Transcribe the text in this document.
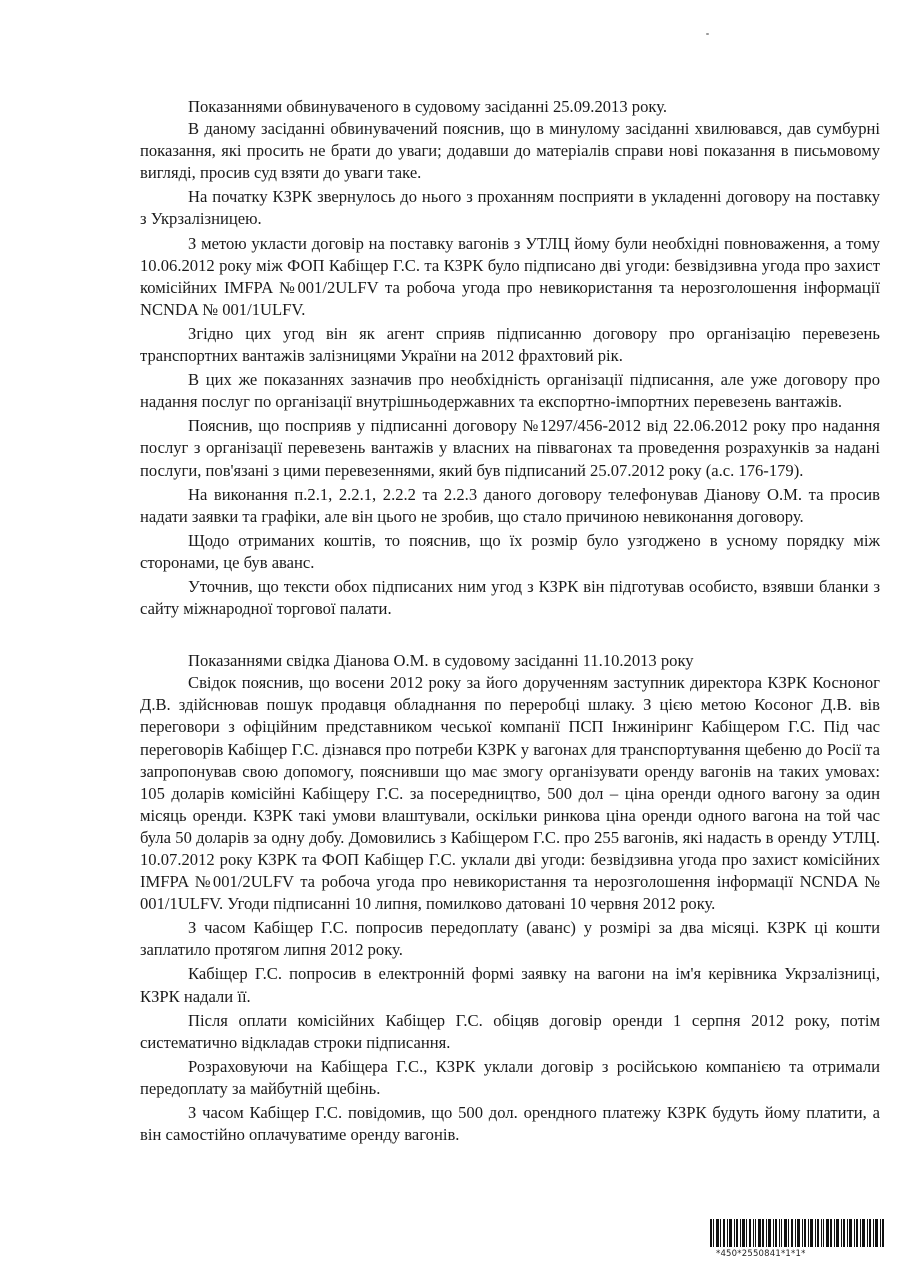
Показаннями обвинуваченого в судовому засіданні 25.09.2013 року.

В даному засіданні обвинувачений пояснив, що в минулому засіданні хвилювався, дав сумбурні показання, які просить не брати до уваги; додавши до матеріалів справи нові показання в письмовому вигляді, просив суд взяти до уваги таке.

На початку КЗРК звернулось до нього з проханням посприяти в укладенні договору на поставку з Укрзалізницею.

З метою укласти договір на поставку вагонів з УТЛЦ йому були необхідні повноваження, а тому 10.06.2012 року між ФОП Кабіщер Г.С. та КЗРК було підписано дві угоди: безвідзивна угода про захист комісійних IMFPA №001/2ULFV та робоча угода про невикористання та нерозголошення інформації NCNDA № 001/1ULFV.

Згідно цих угод він як агент сприяв підписанню договору про організацію перевезень транспортних вантажів залізницями України на 2012 фрахтовий рік.

В цих же показаннях зазначив про необхідність організації підписання, але уже договору про надання послуг по організації внутрішньодержавних та експортно-імпортних перевезень вантажів.

Пояснив, що посприяв у підписанні договору №1297/456-2012 від 22.06.2012 року про надання послуг з організації перевезень вантажів у власних на піввагонах та проведення розрахунків за надані послуги, пов'язані з цими перевезеннями, який був підписаний 25.07.2012 року (а.с. 176-179).

На виконання п.2.1, 2.2.1, 2.2.2 та 2.2.3 даного договору телефонував Діанову О.М. та просив надати заявки та графіки, але він цього не зробив, що стало причиною невиконання договору.

Щодо отриманих коштів, то пояснив, що їх розмір було узгоджено в усному порядку між сторонами, це був аванс.

Уточнив, що тексти обох підписаних ним угод з КЗРК він підготував особисто, взявши бланки з сайту міжнародної торгової палати.

Показаннями свідка Діанова О.М. в судовому засіданні 11.10.2013 року

Свідок пояснив, що восени 2012 року за його дорученням заступник директора КЗРК Косноног Д.В. здійснював пошук продавця обладнання по переробці шлаку. З цією метою Косоног Д.В. вів переговори з офіційним представником чеської компанії ПСП Інжиніринг Кабіщером Г.С. Під час переговорів Кабіщер Г.С. дізнався про потреби КЗРК у вагонах для транспортування щебеню до Росії та запропонував свою допомогу, пояснивши що має змогу організувати оренду вагонів на таких умовах: 105 доларів комісійні Кабіщеру Г.С. за посередництво, 500 дол – ціна оренди одного вагону за один місяць оренди. КЗРК такі умови влаштували, оскільки ринкова ціна оренди одного вагона на той час була 50 доларів за одну добу. Домовились з Кабіщером Г.С. про 255 вагонів, які надасть в оренду УТЛЦ. 10.07.2012 року КЗРК та ФОП Кабіщер Г.С. уклали дві угоди: безвідзивна угода про захист комісійних IMFPA №001/2ULFV та робоча угода про невикористання та нерозголошення інформації NCNDA № 001/1ULFV. Угоди підписанні 10 липня, помилково датовані 10 червня 2012 року.

З часом Кабіщер Г.С. попросив передоплату (аванс) у розмірі за два місяці. КЗРК ці кошти заплатило протягом липня 2012 року.

Кабіщер Г.С. попросив в електронній формі заявку на вагони на ім'я керівника Укрзалізниці, КЗРК надали її.

Після оплати комісійних Кабіщер Г.С. обіцяв договір оренди 1 серпня 2012 року, потім систематично відкладав строки підписання.

Розраховуючи на Кабіщера Г.С., КЗРК уклали договір з російською компанією та отримали передоплату за майбутній щебінь.

З часом Кабіщер Г.С. повідомив, що 500 дол. орендного платежу КЗРК будуть йому платити, а він самостійно оплачуватиме оренду вагонів.

*450*2550841*1*1*
